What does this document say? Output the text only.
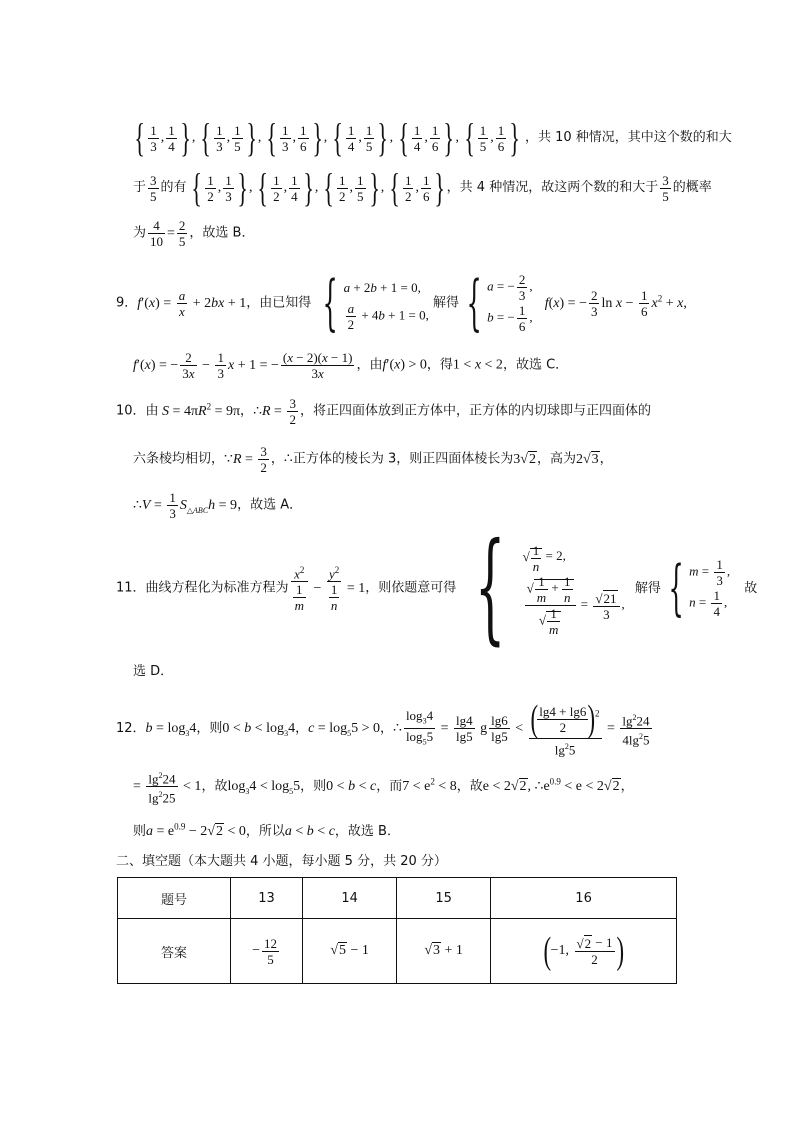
{ $\frac{1}{3}$ , $\frac{1}{4}$ }, { $\frac{1}{3}$ , $\frac{1}{5}$ }, { $\frac{1}{3}$ , $\frac{1}{6}$ }, { $\frac{1}{4}$ , $\frac{1}{5}$ }, { $\frac{1}{4}$ , $\frac{1}{6}$ }, { $\frac{1}{5}$ , $\frac{1}{6}$ } ，共 10 种情况，其中这个数的和大
于 $\frac{3}{5}$ 的有 { $\frac{1}{2}$ , $\frac{1}{3}$ }, { $\frac{1}{2}$ , $\frac{1}{4}$ }, { $\frac{1}{2}$ , $\frac{1}{5}$ }, { $\frac{1}{2}$ , $\frac{1}{6}$ }，共 4 种情况，故这两个数的和大于 $\frac{3}{5}$ 的概率
为 $\frac{4}{10} = \frac{2}{5}$ ，故选 B．
9．$f'(x) = \frac{a}{x} + 2bx + 1$，由已知得 { a + 2b + 1 = 0,
$\frac{a}{2} + 4b + 1 = 0$,
解得 { a = − $\frac{2}{3}$ ,
b = − $\frac{1}{6}$ ,
f(x) = − $\frac{2}{3}$ $\ln x - \frac{1}{6} x^2 + x$,
f′(x) = − $\frac{2}{3x} - \frac{1}{3}$ x + 1 = − $\frac{(x - 2)(x - 1)}{3x}$ ，由f′(x) > 0，得1 < x < 2，故选 C．
10．由 $S = 4\pi R^2 = 9\pi$，∴R = $\frac{3}{2}$ ，将正四面体放到正方体中，正方体的内切球即与正四面体的
六条棱均相切，∵R = $\frac{3}{2}$ ，∴正方体的棱长为 3，则正四面体棱长为3√2，高为2√3，
∴V = $\frac{1}{3} S_{\triangle ABC}h = 9$，故选 A．
11．曲线方程化为标准方程为 $\frac{x^2}{\frac{1}{m}} - \frac{y^2}{\frac{1}{n}} = 1$，则依题意可得 { √ $\frac{1}{n} = 2$,
$\frac{√ \frac{1}{m} + \frac{1}{n}}{√ \frac{1}{m}} = \frac{√21}{3}$ ,
解得 { $m = \frac{1}{3}$ ,
$n = \frac{1}{4}$ ,
故
选 D．
12．$b = \log_34$，则$0 < b < \log_34$，$c = \log_55 > 0$，∴ $\frac{\log_34}{\log_55} = \frac{\lg 4}{\lg 5}$ g $\frac{\lg 6}{\lg 5} < \frac{( \frac{\lg 4 + \lg 6}{2} )^2}{\lg^25} = \frac{\lg^224}{4\lg^25}$
= $\frac{\lg^224}{\lg^225} < 1$，故$\log_34 < \log_55$，则0 < b < c，而$7 < e^2 < 8$，故e < 2√2, $\therefore e^{0.9} < e < 2√2$，
则$a = e^{0.9} - 2√2 < 0$，所以a < b < c，故选 B．
二、填空题（本大题共 4 小题，每小题 5 分，共 20 分）
题号	13	14	15	16
答案	− $\frac{12}{5}$	√5 − 1	√3 + 1	(−1, $\frac{√2 - 1}{2}$ )
